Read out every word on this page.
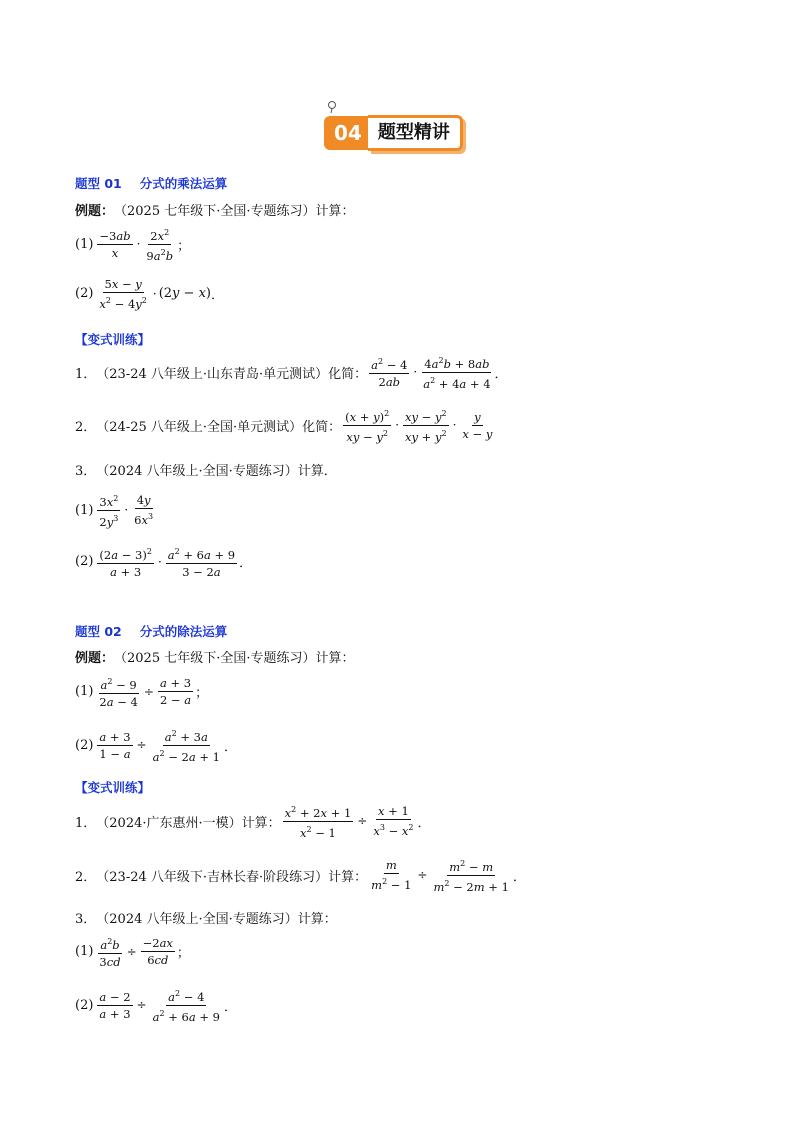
04 题型精讲
题型 01 分式的乘法运算
例题： （2025 七年级下·全国·专题练习）计算：
$(1) \frac{-3ab}{x} \cdot \frac{2x^2}{9a^2b}$ ；
$(2) \frac{5x - y}{x^2 - 4y^2} \cdot (2y - x)$ ．
【变式训练】
1． （23-24 八年级上·山东青岛·单元测试）化简： $\frac{a^2 - 4}{2ab} \cdot \frac{4a^2b + 8ab}{a^2 + 4a + 4}$ ．
2． （24-25 八年级上·全国·单元测试）化简： $\frac{(x + y)^2}{xy - y^2} \cdot \frac{xy - y^2}{xy + y^2} \cdot \frac{y}{x - y}$
3． （2024 八年级上·全国·专题练习）计算．
$(1) \frac{3x^2}{2y^3} \cdot \frac{4y}{6x^3}$
$(2) \frac{(2a - 3)^2}{a + 3} \cdot \frac{a^2 + 6a + 9}{3 - 2a}$ ．
题型 02 分式的除法运算
例题： （2025 七年级下·全国·专题练习）计算：
$(1) \frac{a^2 - 9}{2a - 4} \div \frac{a + 3}{2 - a}$ ；
$(2) \frac{a + 3}{1 - a} \div \frac{a^2 + 3a}{a^2 - 2a + 1}$ ．
【变式训练】
1． （2024·广东惠州·一模）计算： $\frac{x^2 + 2x + 1}{x^2 - 1} \div \frac{x + 1}{x^3 - x^2}$ ．
2． （23-24 八年级下·吉林长春·阶段练习）计算： $\frac{m}{m^2 - 1} \div \frac{m^2 - m}{m^2 - 2m + 1}$ ．
3． （2024 八年级上·全国·专题练习）计算：
$(1) \frac{a^2b}{3cd} \div \frac{-2ax}{6cd}$ ；
$(2) \frac{a - 2}{a + 3} \div \frac{a^2 - 4}{a^2 + 6a + 9}$ ．
